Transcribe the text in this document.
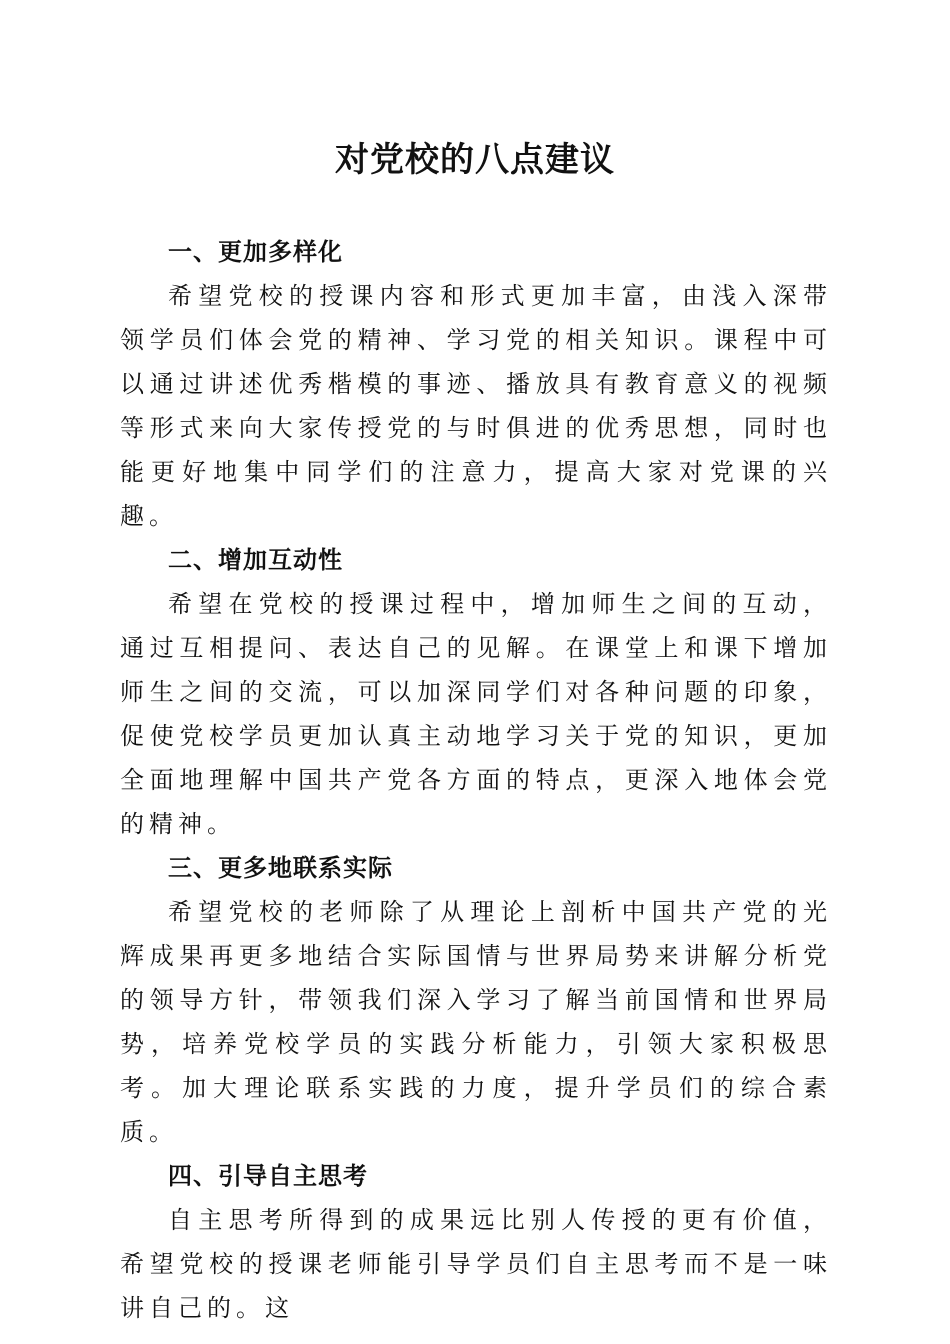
对党校的八点建议

一、更加多样化

希望党校的授课内容和形式更加丰富，由浅入深带领学员们体会党的精神、学习党的相关知识。课程中可以通过讲述优秀楷模的事迹、播放具有教育意义的视频等形式来向大家传授党的与时俱进的优秀思想，同时也能更好地集中同学们的注意力，提高大家对党课的兴趣。

二、增加互动性

希望在党校的授课过程中，增加师生之间的互动，通过互相提问、表达自己的见解。在课堂上和课下增加师生之间的交流，可以加深同学们对各种问题的印象，促使党校学员更加认真主动地学习关于党的知识，更加全面地理解中国共产党各方面的特点，更深入地体会党的精神。

三、更多地联系实际

希望党校的老师除了从理论上剖析中国共产党的光辉成果再更多地结合实际国情与世界局势来讲解分析党的领导方针，带领我们深入学习了解当前国情和世界局势，培养党校学员的实践分析能力，引领大家积极思考。加大理论联系实践的力度，提升学员们的综合素质。

四、引导自主思考

自主思考所得到的成果远比别人传授的更有价值，希望党校的授课老师能引导学员们自主思考而不是一味讲自己的。这
